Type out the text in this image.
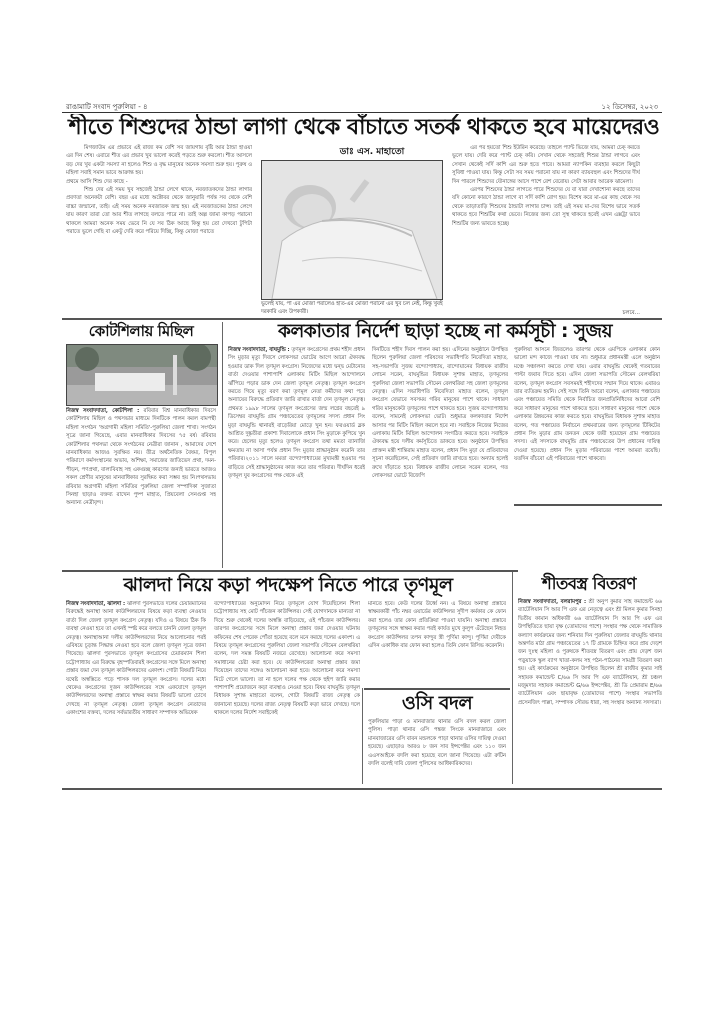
রাঙামাটি সংবাদ পুরুলিয়া - ৪	১২ ডিসেম্বর, ২০২৩
শীতে শিশুদের ঠান্ডা লাগা থেকে বাঁচাতে সতর্ক থাকতে হবে মায়েদেরও
ডাঃ এস. মাহাতো

মিগজাউম এর প্রভাবে এই রাজ্য কম বেশি সব জায়গায় বৃষ্টি আর ঠান্ডা হাওয়া এর দিন শেষ। এবারে শীত এর প্রভাব খুব ভালো করেই পড়তে শুরু করলো। শীত আসলে বড় দের খুব একটা সমস্যা না হলেও শিশু ও বৃদ্ধ মানুষের অনেক সমস্যা শুরু হয়। পুরুষ ও মহিলা সবাই সমান ভাবে আক্রান্ত হয়।

প্রথমে আসি শিশু দের কাছে -

শিশু দের এই সময় খুব সহজেই ঠান্ডা লেগে থাকে, নবজাতকদের ঠান্ডা লাগার প্রবণতা অনেকটা বেশি। বছর এর মধ্যে অক্টোবর থেকে জানুয়ারি পর্যন্ত সব থেকে বেশি বাচ্চা জন্মানো, তাই। এই সময় অনেক নবজাতক জন্ম হয়। এই নবজাতকের ঠান্ডা লেগে যায় কারণ তারা তো আর শীত লাগছে বলতে পারে না। তাই অল্প জামা কাপড় পরানো থাকলে আমরা অনেক সময় ভেবে নি যে সব ঠিক আছে কিন্তু হয় তো দেখবো টুপিটা পরাতে ভুলে গেছি বা একটু দেরি করে পরিয়ে দিচ্ছি, কিন্তু মোজা পরাতে

ভুলেই যায়, পা এর মোজা পরালেও হাত-এর মোজা পরানো এর খুব চল নেই, কিন্তু খুবই দরকারি এবং উপকারী।

এর পর হয়তো শিশু ইউরিন করেছে। তাহলে প্যান্ট ভিজে যায়, আমরা চেক্ করতে ভুলে যায়। দেরি করে প্যান্ট চেক্ করি। সেখান থেকে সহজেই শিশুর ঠান্ডা লাগবে এবং সেখান থেকেই সর্দি কাশি এর শুরু হতে পারে। আমরা ন্যাপকিন ব্যবহার করলে কিছুটা সুবিধা পাওয়া যায়। কিন্তু সেটা সব সময় পরানো যায় না কারণ ব্যায়বহুল এবং শিশুদের দীর্ঘ দিন পারলে শিশুদের যৌনাঙ্গের আসে পাশে রেশ বেরোয়। সেটা আবার আরেক ঝামেলা।

এরপর শিশুদের ঠান্ডা লাগতে পারে শিশুদের যে বা যারা দেখাশোনা করছে তাদের যদি কোনো কারণে ঠান্ডা লাগে বা সর্দি কাশি রোগ হয়। বিশেষ করে মা-এর কাছ থেকে সব থেকে তাড়াতাড়ি শিশুদের ঠান্ডাটা লাগার চান্স। তাই এই সময় মা-দের বিশেষ ভাবে সতর্ক থাকতে হবে শিশুটির কথা ভেবে। নিজের জন্য তো সুস্থ থাকতে হবেই এখন এক্সট্রা ভাবে শিশুটির জন্য ভাবতে হচ্ছে।

চলবে...
কোটশিলায় মিছিল

নিজস্ব সংবাদদাতা, কোটশিলা : রবিবার বিশ্ব মানবাধিকার দিবসে কোটশিলায় মিছিল ও পথসভার মাধ্যমে দিনটিকে পালন করল বামপন্থী মহিলা সংগঠন 'অগ্রগামী মহিলা সমিতি'-পুরুলিয়া জেলা শাখা। সংগঠন সূত্রে জানা গিয়েছে, এবার মানবাধিকার দিবসের ৭৫ বর্ষ। রবিবার কোটশিলার পথসভা থেকে সংগঠনের নেত্রীরা জানান , আমাদের দেশে মানবাধিকার আজও সুরক্ষিত নয়। তীব্র অর্থনৈতিক বৈষম্য, বিপুল পরিমাণে কর্মসংস্থানের অভাব, অশিক্ষা, সমাজের জাতিভেদ প্রথা, দমন-পীড়ন, পণপ্রথা, বাল্যবিবাহ সহ একগুচ্ছ কারণের জন্যই ভারতে আজও সকল শ্রেণীর মানুষের মানবাধিকার সুরক্ষিত করা সম্ভব হয় নি।পথসভায় রবিবার অগ্রগামী মহিলা সমিতির পুরুলিয়া জেলা সম্পাদিকা সুজাতা সিনহা ছাড়াও বক্তব্য রাখেন পুষ্প মাহাত, প্রিয়বেলা সেনগুপ্ত সহ অন্যান্য নেত্রীবৃন্দ।

কলকাতার নির্দেশ ছাড়া হচ্ছে না কর্মসূচী : সুজয়

নিজস্ব সংবাদদাতা, বাঘমুন্ডি : তৃণমূল কংগ্রেসের প্রথম শহীদ প্রধান সিং মুড়ার মৃত্যু দিবসে লোকসভা ভোটের আগে আরো ঐক্যবদ্ধ হওয়ার ডাক দিল তৃণমূল কংগ্রেস। নিজেদের মধ্যে দ্বন্দ্ব মেটানোর বার্তা দেওয়ার পাশাপাশি এলাকায় মিটিং মিছিল আন্দোলনে ঝাঁপিয়ে পড়ার ডাক দেন জেলা তৃণমূল নেতৃত্ব। তৃণমূল কংগ্রেস করতে গিয়ে মৃত্যু বরণ করা তৃণমূল নেতা কর্মীদের কথা পরে অন্যায়ের বিরুদ্ধে প্রতিবাদ জারি রাখার বার্তা দেন তৃণমূল নেতৃত্ব। প্রথমত ১৯৯৮ সালের তৃণমূল কংগ্রেসের জন্ম লগ্নের বছরেই ৯ ডিসেম্বর বাঘমুন্ডি গ্রাম পঞ্চায়েতের তৃণমূলের সদস্য প্রধান সিং মুড়া বাঘমুন্ডি থানারই বাড়েরিয়া মোড়ে খুন হন। ফরওয়ার্ড ব্লক আশ্রিত দুষ্কৃতীরা প্রকাশ্য দিবালোকে প্রধান সিং মুড়াকে কুপিয়ে খুন করে। ছেলের মৃত্যু হলেও তৃণমূল কংগ্রেস তথা মমতা ব্যানার্জি ক্ষমতায় না আসা পর্যন্ত প্রধান সিং মুড়ার শ্রাদ্ধানুষ্ঠান করেনি তার পরিবার।২০১১ সালে মমতা বন্দ্যোপাধ্যায়ের মুখ্যমন্ত্রী হওয়ার পর বাড়িতে সেই শ্রাদ্ধানুষ্ঠানের কাজ করে তার পরিবার। দীর্ঘদিন ধরেই তৃণমূল যুব কংগ্রেসের পক্ষ থেকে এই

দিনটিতে শহীদ দিবস পালন করা হয়। এদিনের অনুষ্ঠানে উপস্থিত ছিলেন পুরুলিয়া জেলা পরিষদের সভাধিপতি নিবেদিতা মাহাত, সহ-সভাপতি সুজয় বন্দ্যোপাধ্যায়, বান্দোয়ানের বিধায়ক রাজীব লোচন সরেন, বাঘমুন্ডির বিধায়ক সুশান্ত মাহাত, তৃণমূলের পুরুলিয়া জেলা সভাপতি সৌমেন বেলথরিয়া সহ জেলা তৃণমূলের নেতৃত্ব। এদিন সভাধিপতি নিবেদিতা মাহাত বলেন, তৃণমূল কংগ্রেস যেভাবে সবসময় গরিব মানুষের পাশে থাকে। সাধারণ গরিব মানুষকেউ তৃণমূলের পাশে থাকতে হবে। সুজয় বন্দ্যোপাধ্যায় বলেন, সামনেই লোকসভা ভোট। শুধুমাত্র কলকাতার নির্দেশ আসার পর মিটিং মিছিল করলে হবে না। সবাইকে নিজের নিজের এলাকায় মিটিং মিছিল আন্দোলন সংগঠিত করতে হবে। সবাইকে ঐক্যবদ্ধ হয়ে দলীয় কর্মসূচিতে ডাকতে হবে। অনুষ্ঠানে উপস্থিত প্রাক্তন মন্ত্রী শান্তিরাম মাহাত বলেন, প্রধান সিং মুড়া যে প্রতিবাদের সূচনা করেছিলেন, সেই প্রতিবাদ জারি রাখতে হবে। অন্যায় হলেই রুখে দাঁড়াতে হবে। বিধায়ক রাজীব লোচন সরেন বলেন, গত লোকসভা ভোটে বিজেপি

পুরুলিয়া আসনে জিতলেও তারপর থেকে এমপিকে এলাকার কোন ভালো মন্দ কাজে পাওয়া যায় না। শুধুমাত্র প্রধানমন্ত্রী এলে অনুষ্ঠান মঞ্চে সঞ্চালনা করতে দেখা যায়। এবার বাঘমুন্ডি থেকেই গতবারের পাল্টা জবাব দিতে হবে। এদিন জেলা সভাপতি সৌমেন বেলথরিয়া বলেন, তৃণমূল কংগ্রেস সবসময়ই শহীদদের সম্মান দিয়ে থাকে। এবারও তার ব্যতিক্রম হয়নি। সেই সঙ্গে তিনি আরো বলেন, এলাকার পঞ্চায়েত এবং পঞ্চায়েত সমিতি থেকে নির্বাচিত জনপ্রতিনিধিদের আরো বেশি করে সাধারণ মানুষের পাশে থাকতে হবে। সাধারণ মানুষের পাশে থেকে এলাকার উন্নয়নের কাজ করতে হবে। বাঘমুন্ডির বিধায়ক সুশান্ত মাহাত বলেন, গত পঞ্চায়েত নির্বাচনে প্রথমবারের জন্য তৃণমূলের টিকিটের প্রধান সিং মুড়ার গ্রাম তনতন থেকে জয়ী হয়েছেন গ্রাম পঞ্চায়েত সদস্য। এই সদস্যকে বাঘমুন্ডি গ্রাম পঞ্চায়েতের উপ প্রধানের দায়িত্ব দেওয়া হয়েছে। প্রধান সিং মুড়ার পরিবারের পাশে আমরা রয়েছি। যতদিন বাঁচবো এই পরিবারের পাশে থাকবো।

ঝালদা নিয়ে কড়া পদক্ষেপ নিতে পারে তৃণমূল

নিজস্ব সংবাদদাতা, ঝালদা : ঝালদা পুরসভাতে দলের চেয়ারম্যানের বিরুদ্ধেই অনাস্থা আনা কাউন্সিলরদের বিষয়ে কড়া ব্যবস্থা নেওয়ার বার্তা দিল জেলা তৃণমূল কংগ্রেস নেতৃত্ব। যদিও এ বিষয়ে ঠিক কি ব্যবস্থা নেওয়া হবে তা এখনই স্পষ্ট করে বলতে চাননি জেলা তৃণমূল নেতৃত্ব। অনাস্থাআনা দলীয় কাউন্সিলরদের নিয়ে আলোচনার পরই এবিষয়ে চূড়ান্ত সিদ্ধান্ত নেওয়া হবে বলে জেলা তৃণমূল সূত্রে জানা গিয়েছে। ঝালদা পুরসভাতে তৃণমূল কংগ্রেসের চেয়ারম্যান শিলা চট্টোপাধ্যায় এর বিরুদ্ধে বৃহস্পতিবারই কংগ্রেসের সঙ্গে মিলে অনাস্থা প্রস্তাব জমা দেন তৃণমূল কাউন্সিলরদের একাংশ। গোটা বিষয়টি নিয়ে যথেষ্ট অস্বস্তিতে পড়ে শাসক দল তৃণমূল কংগ্রেস। দলের মধ্যে থেকেও কংগ্রেসের দুজন কাউন্সিলরের সঙ্গে একযোগে তৃণমূল কাউন্সিলরদের অনাস্থা প্রস্তাবে স্বাক্ষর করার বিষয়টি ভালো চোখে দেখছে না তৃণমূল নেতৃত্ব। জেলা তৃণমূল কংগ্রেস নেতাদের একাংশের বক্তব্য, দলের সর্বভারতীয় সাধারণ সম্পাদক অভিষেক

বন্দ্যোপাধ্যায়ের অনুমোদন নিয়ে তৃণমূলে যোগ দিয়েছিলেন শিলা চট্টোপাধ্যায় সহ মোট পাঁচজন কাউন্সিলর। সেই যোগদানকে মান্যতা না দিয়ে শুরু থেকেই দলের অস্বস্তি বাড়িয়েছে, ওই পাঁচজন কাউন্সিলর। তারপর কংগ্রেসের সঙ্গে মিলে অনাস্থা প্রস্তাব জমা দেওয়ার ঘটনায় কফিনের শেষ পেরেক পোঁতা হয়েছে বলে মনে করছে দলের একাংশ। এ বিষয়ে তৃণমূল কংগ্রেসের পুরুলিয়া জেলা সভাপতি সৌমেন বেলথরিয়া বলেন, দল সমস্ত বিষয়টি নজরে রেখেছে। আলোচনা করে সমস্যা সমাধানের চেষ্টা করা হবে। যে কাউন্সিলরেরা অনাস্থা প্রস্তাব জমা দিয়েছেন তাদের সঙ্গেও আলোচনা করা হবে। আলোচনা করে সমস্যা মিটে গেলে ভালো। তা না হলে দলের পক্ষ থেকে হুইপ জারি করার পাশাপাশি প্রয়োজনে কড়া ব্যবস্থাও নেওয়া হবে। বিষয় বাঘমুন্ডি তৃণমূল বিধায়ক সুশান্ত মাহাতো বলেন, গোটা বিষয়টি রাজ্য নেতৃত্ব কে জানানো হয়েছে। দলের রাজ্য নেতৃত্ব বিষয়টি কড়া ভাবে দেখছে। দলে থাকলে দলের নির্দেশ সবাইকেই

মানতে হবে। কেউ দলের উর্ধ্বে নন। এ বিষয়ে অনাস্থা প্রস্তাবে স্বাক্ষরকারী পাঁচ নম্বর ওয়ার্ডের কাউন্সিলর সুদীপ কর্মকার কে ফোন করা হলেও তার কোন প্রতিক্রিয়া পাওয়া যায়নি। অনাস্থা প্রস্তাবে তৃণমূলের সঙ্গে স্বাক্ষর করার পরই কার্যত মুখে কুলুপ এঁটেছেন নিহত কংগ্রেস কাউন্সিলর তপন কান্দুর স্ত্রী পূর্ণিমা কান্দু। পূর্ণিমা দেবীকে এদিন একাধিক বার ফোন করা হলেও তিনি ফোন রিসিভ করেননি।

ওসি বদল

পুরুলিয়ার পাড়া ও মানবাজার থানার ওসি বদল করল জেলা পুলিস। পাড়া থানার ওসি পঙ্কজ সিংকে মানবাজারে এবং মানবাজারের ওসি বাবন মন্ডলকে পাড়া থানার ওসির দায়িত্ব দেওয়া হয়েছে। এছাড়াও আরও ৮ জন সাব ইন্সপেক্টর এবং ১১০ জন এএসআইকে বদলি করা হয়েছে বলে জানা গিয়েছে। এটা রুটিন বদলি বলেই দাবি জেলা পুলিসের আধিকারিকদের।

শীতবস্ত্র বিতরণ

নিজস্ব সংবাদদাতা, বলরামপুর : শ্রী অনুপ কুমার সাহ কমান্ডেন্ট ৬৬ ব্যাটেলিয়ান সি আর পি এফ এর নেতৃত্বে এবং শ্রী মিলন কুমার সিনহা দ্বিতীয় কামান অধিকারী ৬৬ ব্যাটেলিয়ান সি আর পি এফ এর উপস্থিতিতে ছায়া বৃক্ষ (তোমাদের পাশে) সংস্থার পক্ষ থেকে সামাজিক কল্যাণ কার্যক্রমের জন্য শনিবার দিন পুরুলিয়া জেলার বাঘমুন্ডি থানার অন্তর্গত মাঠা গ্রাম পঞ্চায়েতের ১৭ টি গ্রামকে চিহ্নিত করে প্রায় দেড়শ জন দুঃস্থ মহিলা ও পুরুষকে শীতবস্ত্র বিতরণ এবং প্রায় দেড়শ জন পড়ুয়াকে স্কুল ব্যাগ খাতা-কলম সহ পঠন-পাঠনের সামগ্রী বিতরণ করা হয়। এই কার্যক্রমের অনুষ্ঠানে উপস্থিত ছিলেন শ্রী রাজীব কুমার সাই সহায়ক কমান্ডেন্ট C/৬৬ সি আর পি এফ ব্যাটেলিয়ান, শ্রী চঞ্চল মজুমদার সহায়ক কমান্ডেন্ট G/৬৬ ইন্সপেক্টর, শ্রী ডি প্রেমারাম E/৬৬ ব্যাটেলিয়ান এবং ছায়াবৃক্ষ (তোমাদের পাশে) সংস্থার সভাপতি প্রসেনজিৎ পাল্লা, সম্পাদক সৌরভ ধারা, সহ সংস্থার অন্যান্য সদস্যরা।
